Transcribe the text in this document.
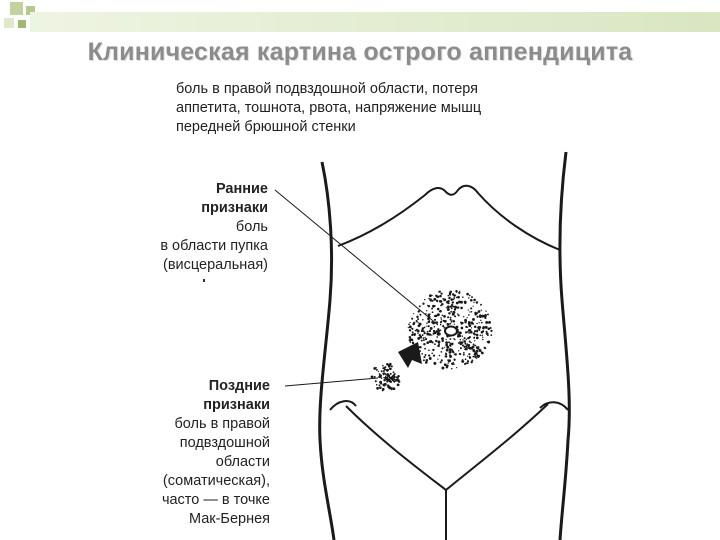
Клиническая картина острого аппендицита
боль в правой подвздошной области, потеря
аппетита, тошнота, рвота, напряжение мышц
передней брюшной стенки
Ранние
признаки
боль
в области пупка
(висцеральная)
Поздние
признаки
боль в правой
подвздошной
области
(соматическая),
часто — в точке
Мак-Бернея
✕
